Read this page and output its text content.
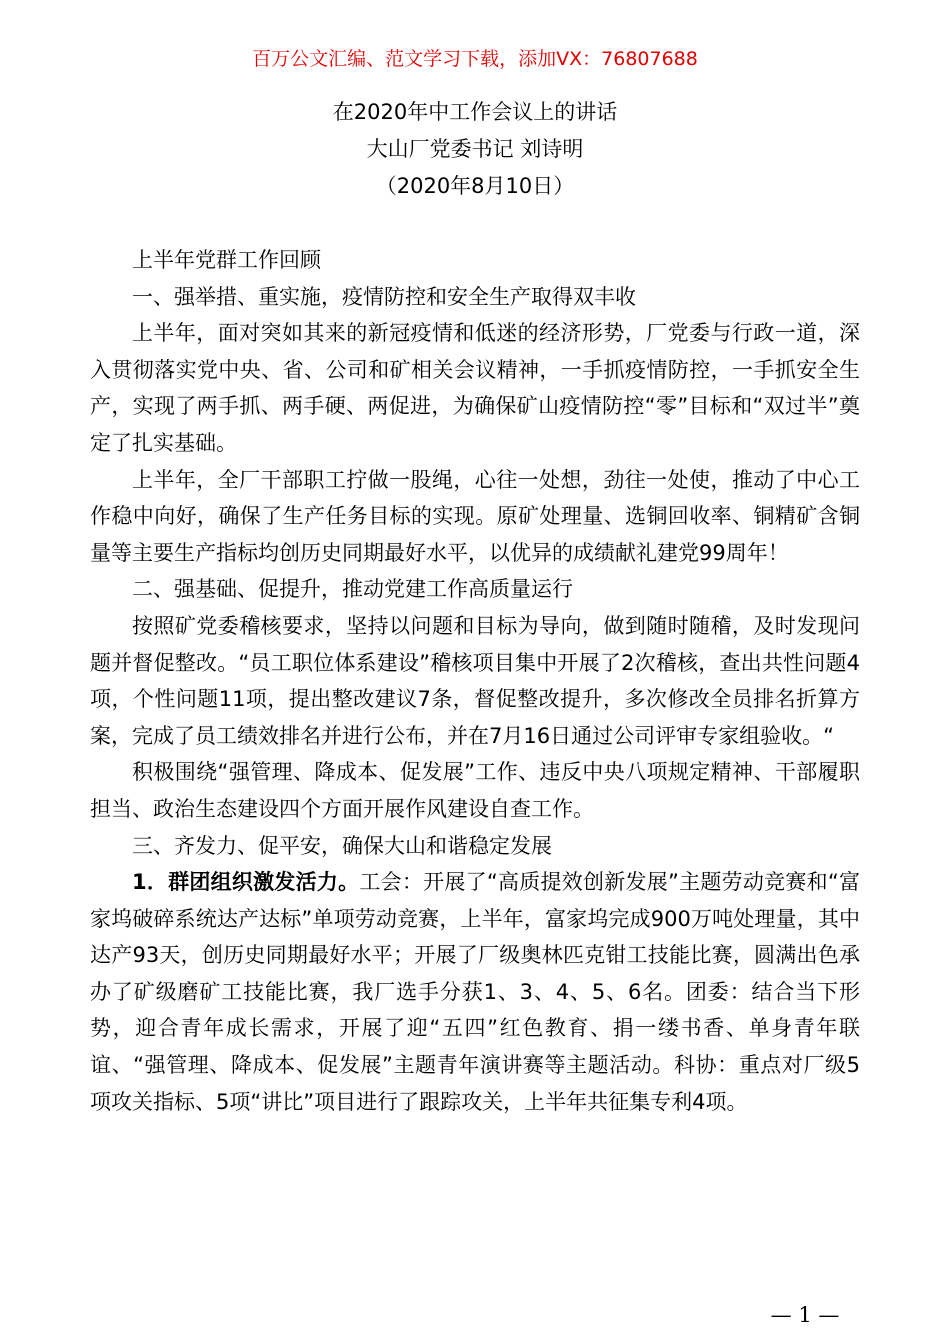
百万公文汇编、范文学习下载，添加VX：76807688
在2020年中工作会议上的讲话
大山厂党委书记 刘诗明
（2020年8月10日）

上半年党群工作回顾

一、强举措、重实施，疫情防控和安全生产取得双丰收

上半年，面对突如其来的新冠疫情和低迷的经济形势，厂党委与行政一道，深入贯彻落实党中央、省、公司和矿相关会议精神，一手抓疫情防控，一手抓安全生产，实现了两手抓、两手硬、两促进，为确保矿山疫情防控“零”目标和“双过半”奠定了扎实基础。

上半年，全厂干部职工拧做一股绳，心往一处想，劲往一处使，推动了中心工作稳中向好，确保了生产任务目标的实现。原矿处理量、选铜回收率、铜精矿含铜量等主要生产指标均创历史同期最好水平，以优异的成绩献礼建党99周年！

二、强基础、促提升，推动党建工作高质量运行

按照矿党委稽核要求，坚持以问题和目标为导向，做到随时随稽，及时发现问题并督促整改。“员工职位体系建设”稽核项目集中开展了2次稽核，查出共性问题4项，个性问题11项，提出整改建议7条，督促整改提升，多次修改全员排名折算方案，完成了员工绩效排名并进行公布，并在7月16日通过公司评审专家组验收。“

积极围绕“强管理、降成本、促发展”工作、违反中央八项规定精神、干部履职担当、政治生态建设四个方面开展作风建设自查工作。

三、齐发力、促平安，确保大山和谐稳定发展

1．群团组织激发活力。工会：开展了“高质提效创新发展”主题劳动竞赛和“富家坞破碎系统达产达标”单项劳动竞赛，上半年，富家坞完成900万吨处理量，其中达产93天，创历史同期最好水平；开展了厂级奥林匹克钳工技能比赛，圆满出色承办了矿级磨矿工技能比赛，我厂选手分获1、3、4、5、6名。团委：结合当下形势，迎合青年成长需求，开展了迎“五四”红色教育、捐一缕书香、单身青年联谊、“强管理、降成本、促发展”主题青年演讲赛等主题活动。科协：重点对厂级5项攻关指标、5项“讲比”项目进行了跟踪攻关，上半年共征集专利4项。

— 1 —
